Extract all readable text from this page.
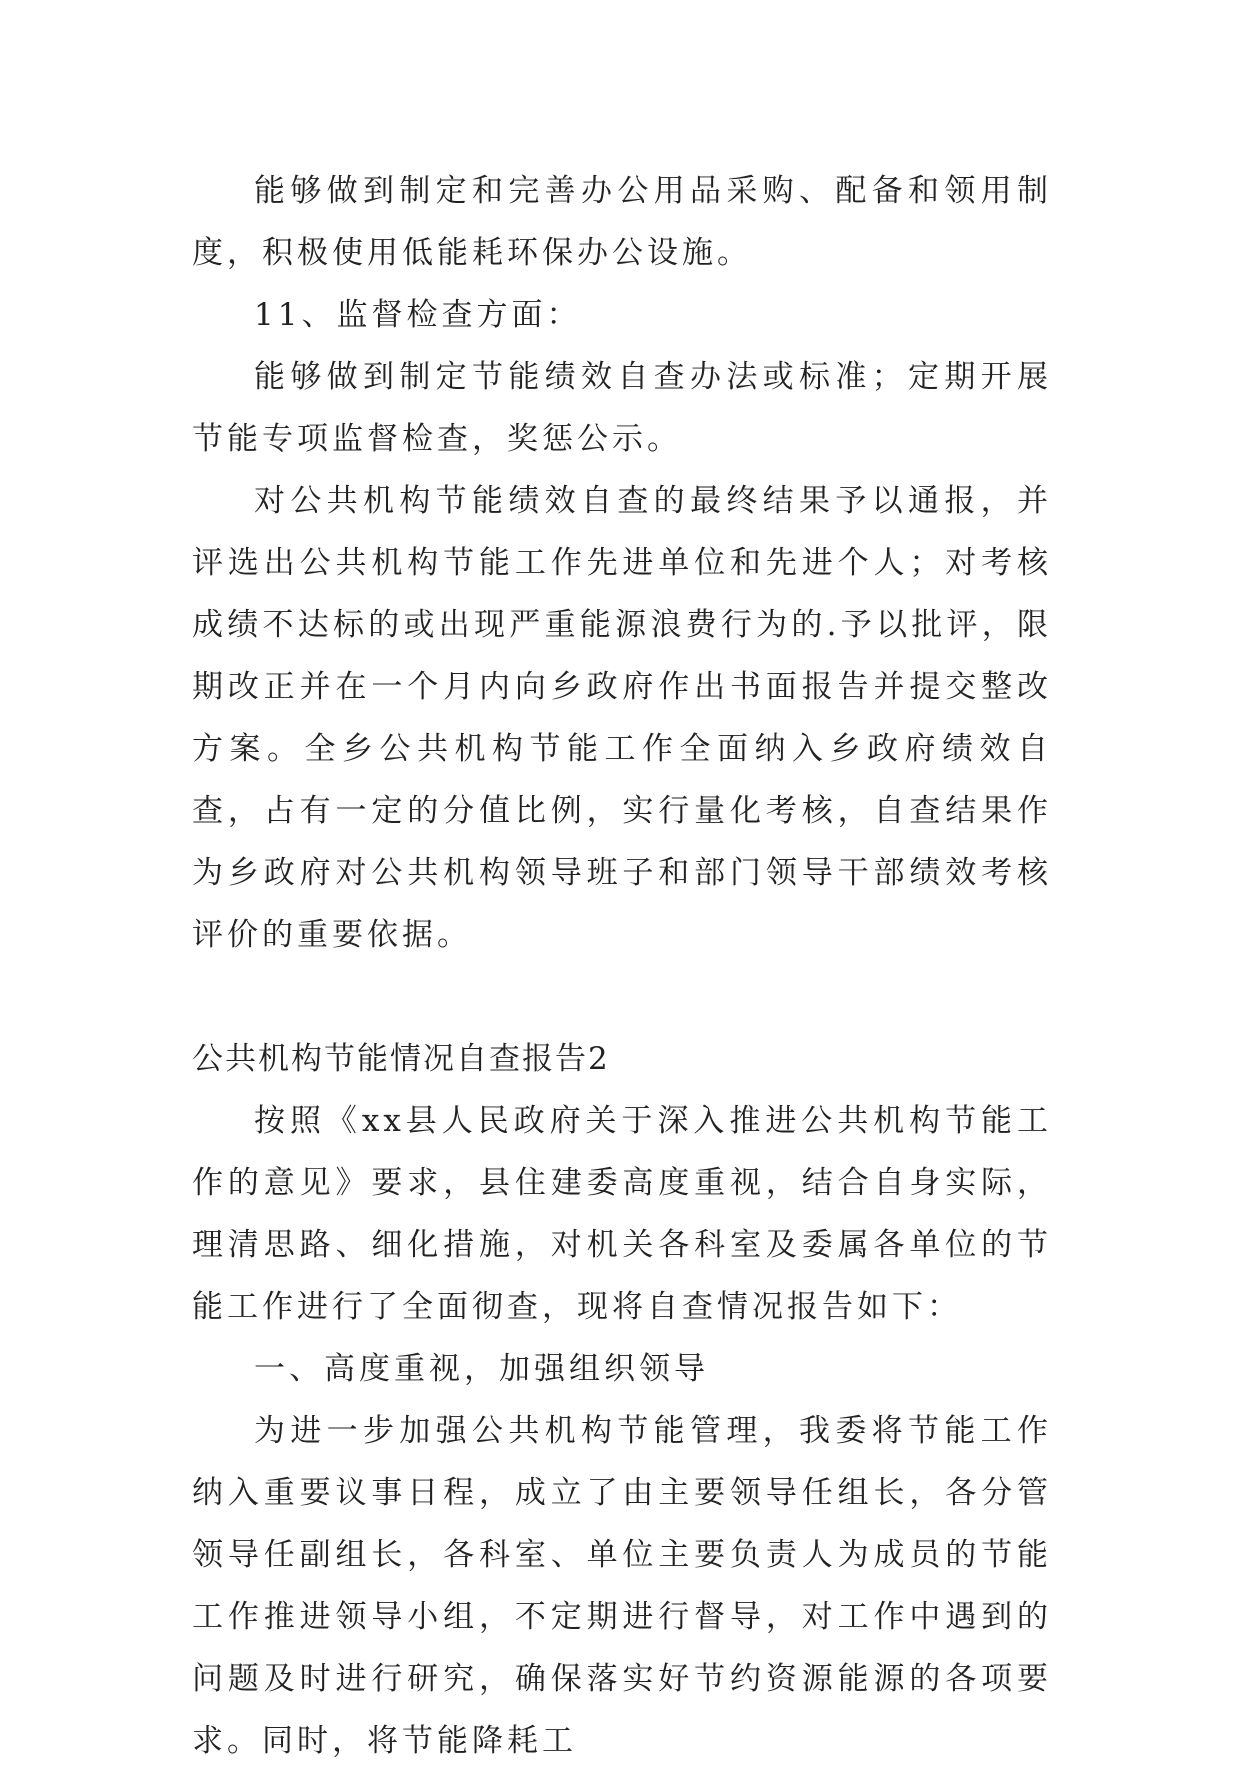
能够做到制定和完善办公用品采购、配备和领用制度，积极使用低能耗环保办公设施。

11、监督检查方面：

能够做到制定节能绩效自查办法或标准；定期开展节能专项监督检查，奖惩公示。

对公共机构节能绩效自查的最终结果予以通报，并评选出公共机构节能工作先进单位和先进个人；对考核成绩不达标的或出现严重能源浪费行为的.予以批评，限期改正并在一个月内向乡政府作出书面报告并提交整改方案。全乡公共机构节能工作全面纳入乡政府绩效自查，占有一定的分值比例，实行量化考核，自查结果作为乡政府对公共机构领导班子和部门领导干部绩效考核评价的重要依据。

公共机构节能情况自查报告2

按照《xx县人民政府关于深入推进公共机构节能工作的意见》要求，县住建委高度重视，结合自身实际，理清思路、细化措施，对机关各科室及委属各单位的节能工作进行了全面彻查，现将自查情况报告如下：

一、高度重视，加强组织领导

为进一步加强公共机构节能管理，我委将节能工作纳入重要议事日程，成立了由主要领导任组长，各分管领导任副组长，各科室、单位主要负责人为成员的节能工作推进领导小组，不定期进行督导，对工作中遇到的问题及时进行研究，确保落实好节约资源能源的各项要求。同时，将节能降耗工
